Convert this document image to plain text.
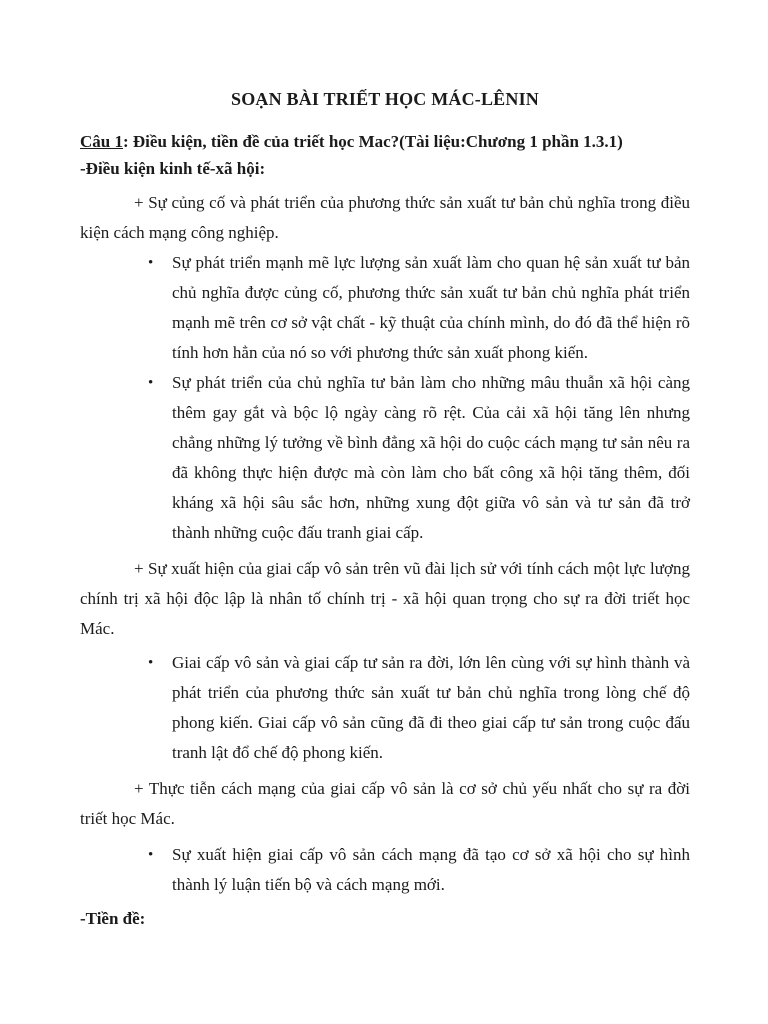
SOẠN BÀI TRIẾT HỌC MÁC-LÊNIN

Câu 1: Điều kiện, tiền đề của triết học Mac?(Tài liệu:Chương 1 phần 1.3.1)

-Điều kiện kinh tế-xã hội:

+ Sự củng cố và phát triển của phương thức sản xuất tư bản chủ nghĩa trong điều kiện cách mạng công nghiệp.

•	Sự phát triển mạnh mẽ lực lượng sản xuất làm cho quan hệ sản xuất tư bản chủ nghĩa được củng cố, phương thức sản xuất tư bản chủ nghĩa phát triển mạnh mẽ trên cơ sở vật chất - kỹ thuật của chính mình, do đó đã thể hiện rõ tính hơn hẳn của nó so với phương thức sản xuất phong kiến.
•	Sự phát triển của chủ nghĩa tư bản làm cho những mâu thuẫn xã hội càng thêm gay gắt và bộc lộ ngày càng rõ rệt. Của cải xã hội tăng lên nhưng chẳng những lý tưởng về bình đẳng xã hội do cuộc cách mạng tư sản nêu ra đã không thực hiện được mà còn làm cho bất công xã hội tăng thêm, đối kháng xã hội sâu sắc hơn, những xung đột giữa vô sản và tư sản đã trở thành những cuộc đấu tranh giai cấp.

+ Sự xuất hiện của giai cấp vô sản trên vũ đài lịch sử với tính cách một lực lượng chính trị xã hội độc lập là nhân tố chính trị - xã hội quan trọng cho sự ra đời triết học Mác.

•	Giai cấp vô sản và giai cấp tư sản ra đời, lớn lên cùng với sự hình thành và phát triển của phương thức sản xuất tư bản chủ nghĩa trong lòng chế độ phong kiến. Giai cấp vô sản cũng đã đi theo giai cấp tư sản trong cuộc đấu tranh lật đổ chế độ phong kiến.

+ Thực tiễn cách mạng của giai cấp vô sản là cơ sở chủ yếu nhất cho sự ra đời triết học Mác.

•	Sự xuất hiện giai cấp vô sản cách mạng đã tạo cơ sở xã hội cho sự hình thành lý luận tiến bộ và cách mạng mới.

-Tiền đề:
